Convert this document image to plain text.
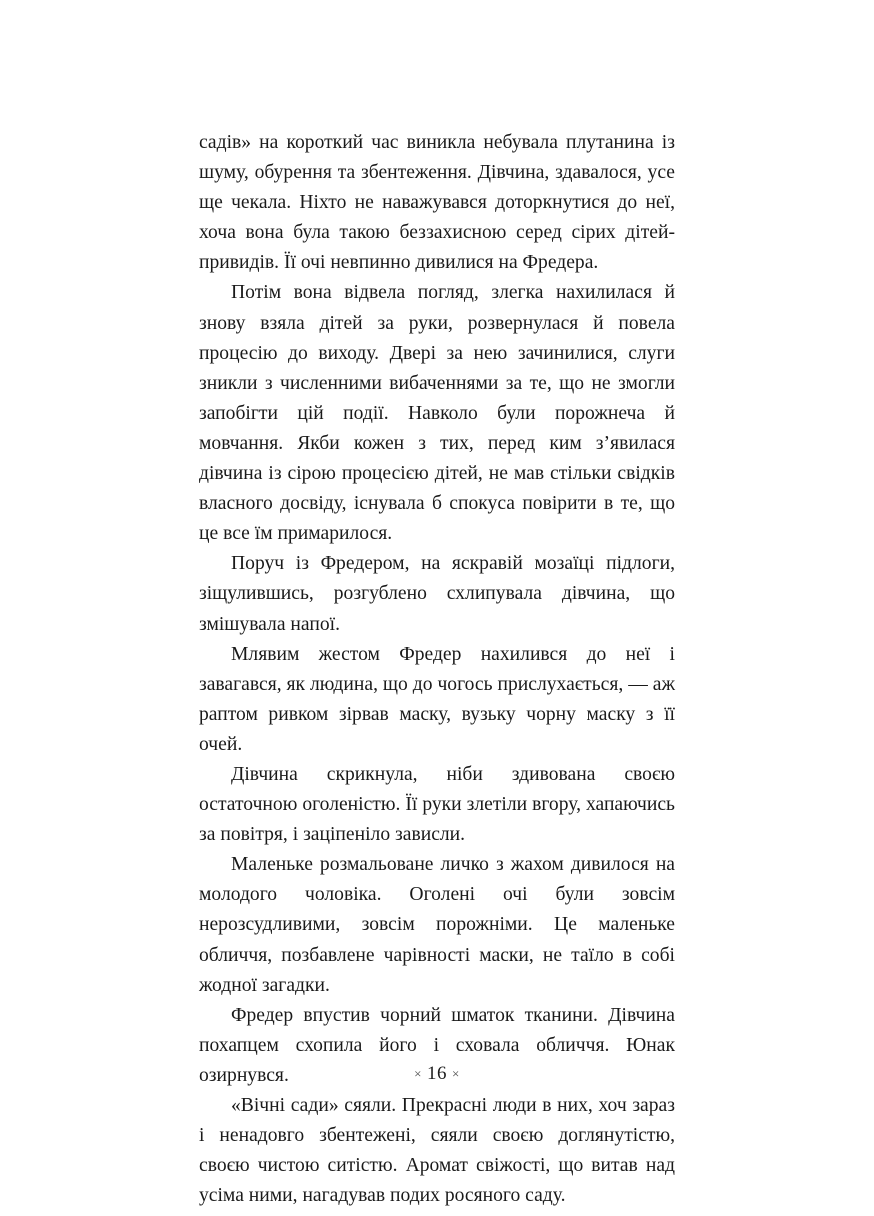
садів» на короткий час виникла небувала плутанина із шуму, обурення та збентеження. Дівчина, здавалося, усе ще чекала. Ніхто не наважувався доторкнутися до неї, хоча вона була такою беззахисною серед сірих дітей-привидів. Її очі невпинно дивилися на Фредера.

Потім вона відвела погляд, злегка нахилилася й знову взяла дітей за руки, розвернулася й повела процесію до виходу. Двері за нею зачинилися, слуги зникли з численними вибаченнями за те, що не змогли запобігти цій події. Навколо були порожнеча й мовчання. Якби кожен з тих, перед ким з’явилася дівчина із сірою процесією дітей, не мав стільки свідків власного досвіду, існувала б спокуса повірити в те, що це все їм примарилося.

Поруч із Фредером, на яскравій мозаїці підлоги, зіщулившись, розгублено схлипувала дівчина, що змішувала напої.

Млявим жестом Фредер нахилився до неї і завагався, як людина, що до чогось прислухається, — аж раптом ривком зірвав маску, вузьку чорну маску з її очей.

Дівчина скрикнула, ніби здивована своєю остаточною оголеністю. Її руки злетіли вгору, хапаючись за повітря, і заціпеніло зависли.

Маленьке розмальоване личко з жахом дивилося на молодого чоловіка. Оголені очі були зовсім нерозсудливими, зовсім порожніми. Це маленьке обличчя, позбавлене чарівності маски, не таїло в собі жодної загадки.

Фредер впустив чорний шматок тканини. Дівчина похапцем схопила його і сховала обличчя. Юнак озирнувся.

«Вічні сади» сяяли. Прекрасні люди в них, хоч зараз і ненадовго збентежені, сяяли своєю доглянутістю, своєю чистою ситістю. Аромат свіжості, що витав над усіма ними, нагадував подих росяного саду.

× 16 ×
